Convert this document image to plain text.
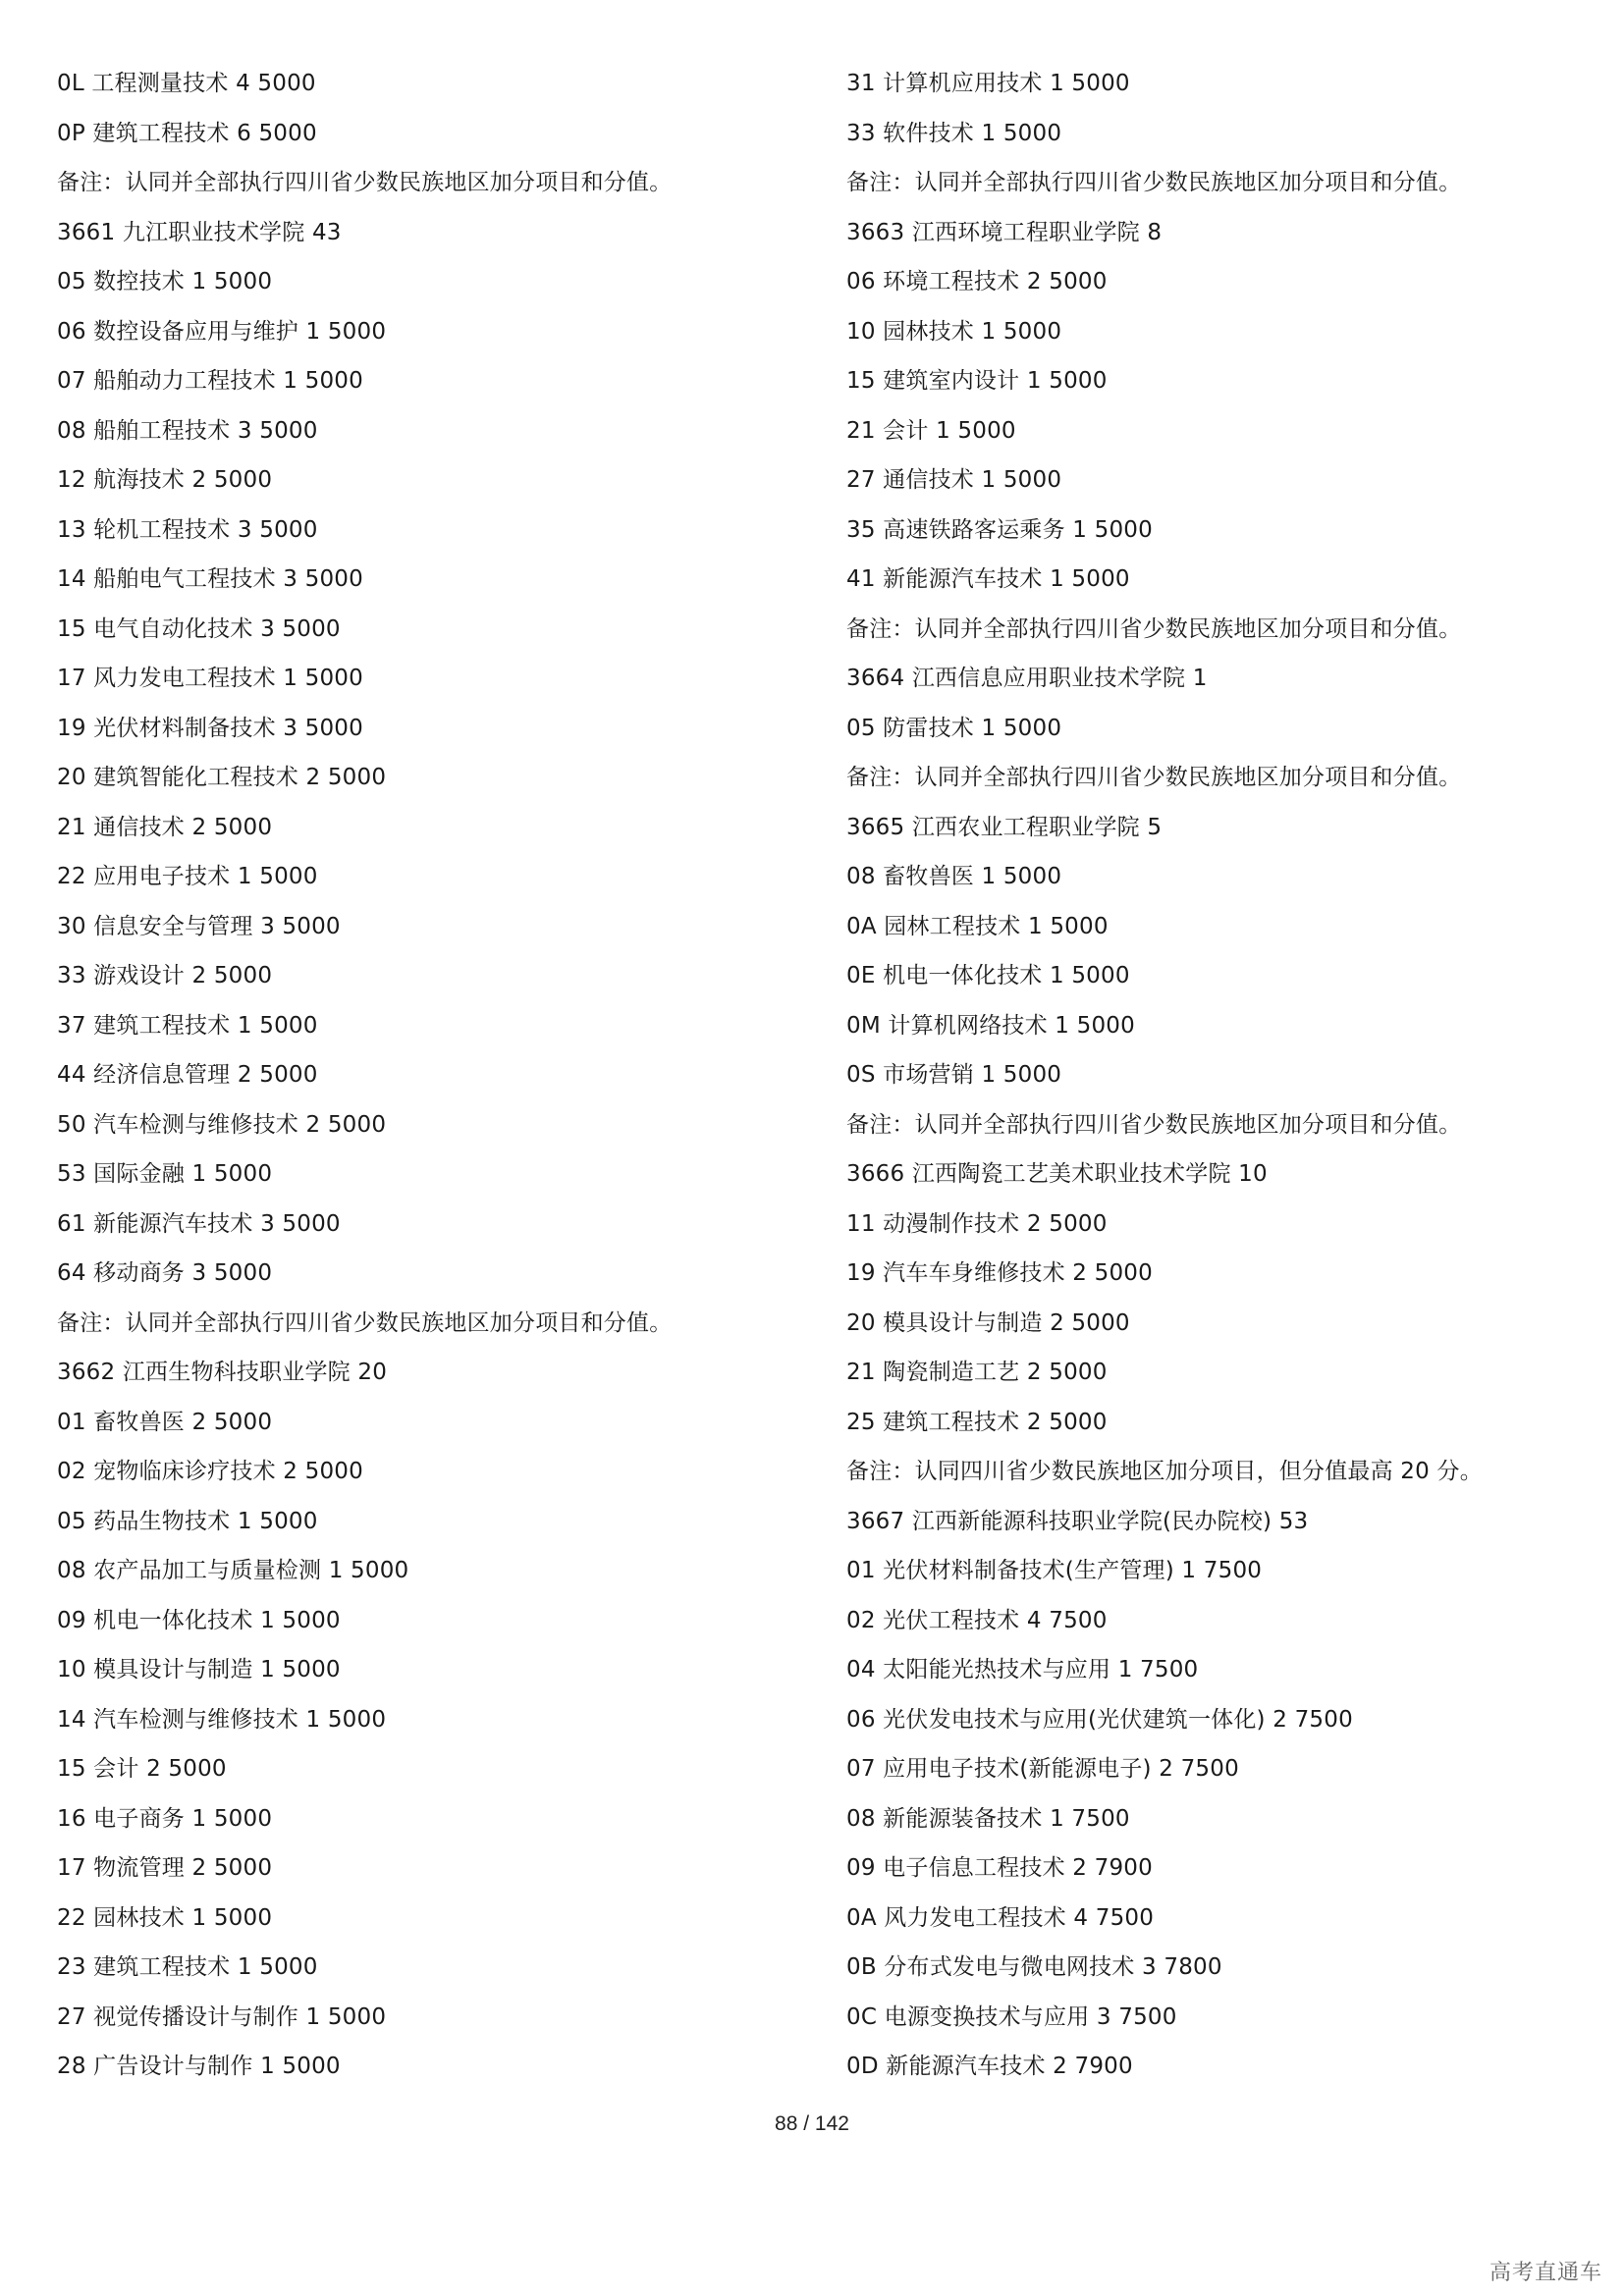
0L 工程测量技术 4 5000
0P 建筑工程技术 6 5000
备注：认同并全部执行四川省少数民族地区加分项目和分值。
3661 九江职业技术学院 43
05 数控技术 1 5000
06 数控设备应用与维护 1 5000
07 船舶动力工程技术 1 5000
08 船舶工程技术 3 5000
12 航海技术 2 5000
13 轮机工程技术 3 5000
14 船舶电气工程技术 3 5000
15 电气自动化技术 3 5000
17 风力发电工程技术 1 5000
19 光伏材料制备技术 3 5000
20 建筑智能化工程技术 2 5000
21 通信技术 2 5000
22 应用电子技术 1 5000
30 信息安全与管理 3 5000
33 游戏设计 2 5000
37 建筑工程技术 1 5000
44 经济信息管理 2 5000
50 汽车检测与维修技术 2 5000
53 国际金融 1 5000
61 新能源汽车技术 3 5000
64 移动商务 3 5000
备注：认同并全部执行四川省少数民族地区加分项目和分值。
3662 江西生物科技职业学院 20
01 畜牧兽医 2 5000
02 宠物临床诊疗技术 2 5000
05 药品生物技术 1 5000
08 农产品加工与质量检测 1 5000
09 机电一体化技术 1 5000
10 模具设计与制造 1 5000
14 汽车检测与维修技术 1 5000
15 会计 2 5000
16 电子商务 1 5000
17 物流管理 2 5000
22 园林技术 1 5000
23 建筑工程技术 1 5000
27 视觉传播设计与制作 1 5000
28 广告设计与制作 1 5000
31 计算机应用技术 1 5000
33 软件技术 1 5000
备注：认同并全部执行四川省少数民族地区加分项目和分值。
3663 江西环境工程职业学院 8
06 环境工程技术 2 5000
10 园林技术 1 5000
15 建筑室内设计 1 5000
21 会计 1 5000
27 通信技术 1 5000
35 高速铁路客运乘务 1 5000
41 新能源汽车技术 1 5000
备注：认同并全部执行四川省少数民族地区加分项目和分值。
3664 江西信息应用职业技术学院 1
05 防雷技术 1 5000
备注：认同并全部执行四川省少数民族地区加分项目和分值。
3665 江西农业工程职业学院 5
08 畜牧兽医 1 5000
0A 园林工程技术 1 5000
0E 机电一体化技术 1 5000
0M 计算机网络技术 1 5000
0S 市场营销 1 5000
备注：认同并全部执行四川省少数民族地区加分项目和分值。
3666 江西陶瓷工艺美术职业技术学院 10
11 动漫制作技术 2 5000
19 汽车车身维修技术 2 5000
20 模具设计与制造 2 5000
21 陶瓷制造工艺 2 5000
25 建筑工程技术 2 5000
备注：认同四川省少数民族地区加分项目，但分值最高 20 分。
3667 江西新能源科技职业学院(民办院校) 53
01 光伏材料制备技术(生产管理) 1 7500
02 光伏工程技术 4 7500
04 太阳能光热技术与应用 1 7500
06 光伏发电技术与应用(光伏建筑一体化) 2 7500
07 应用电子技术(新能源电子) 2 7500
08 新能源装备技术 1 7500
09 电子信息工程技术 2 7900
0A 风力发电工程技术 4 7500
0B 分布式发电与微电网技术 3 7800
0C 电源变换技术与应用 3 7500
0D 新能源汽车技术 2 7900
88 / 142
高考直通车
